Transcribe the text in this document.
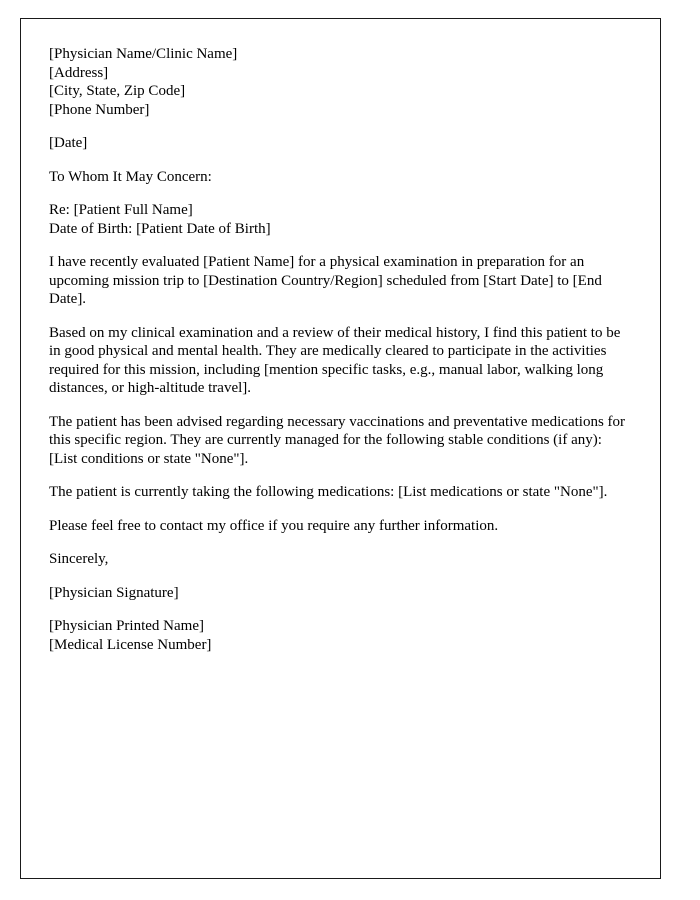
[Physician Name/Clinic Name]
[Address]
[City, State, Zip Code]
[Phone Number]
[Date]
To Whom It May Concern:
Re: [Patient Full Name]
Date of Birth: [Patient Date of Birth]
I have recently evaluated [Patient Name] for a physical examination in preparation for an upcoming mission trip to [Destination Country/Region] scheduled from [Start Date] to [End Date].
Based on my clinical examination and a review of their medical history, I find this patient to be in good physical and mental health. They are medically cleared to participate in the activities required for this mission, including [mention specific tasks, e.g., manual labor, walking long distances, or high-altitude travel].
The patient has been advised regarding necessary vaccinations and preventative medications for this specific region. They are currently managed for the following stable conditions (if any): [List conditions or state "None"].
The patient is currently taking the following medications: [List medications or state "None"].
Please feel free to contact my office if you require any further information.
Sincerely,
[Physician Signature]
[Physician Printed Name]
[Medical License Number]
